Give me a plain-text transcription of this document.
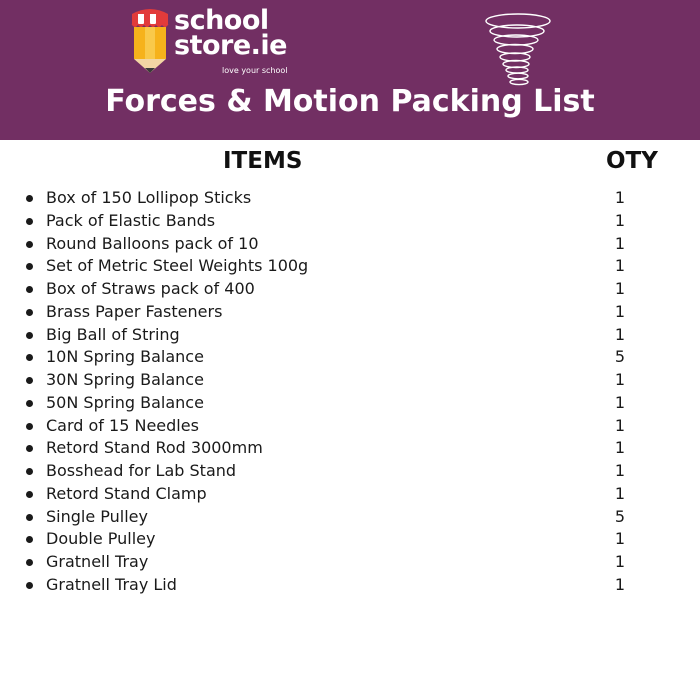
school
store.ie
love your school
Forces & Motion Packing List
ITEMS	OTY
Box of 150 Lollipop Sticks	1
Pack of Elastic Bands	1
Round Balloons pack of 10	1
Set of Metric Steel Weights 100g	1
Box of Straws pack of 400	1
Brass Paper Fasteners	1
Big Ball of String	1
10N Spring Balance	5
30N Spring Balance	1
50N Spring Balance	1
Card of 15 Needles	1
Retord Stand Rod 3000mm	1
Bosshead for Lab Stand	1
Retord Stand Clamp	1
Single Pulley	5
Double Pulley	1
Gratnell Tray	1
Gratnell Tray Lid	1
